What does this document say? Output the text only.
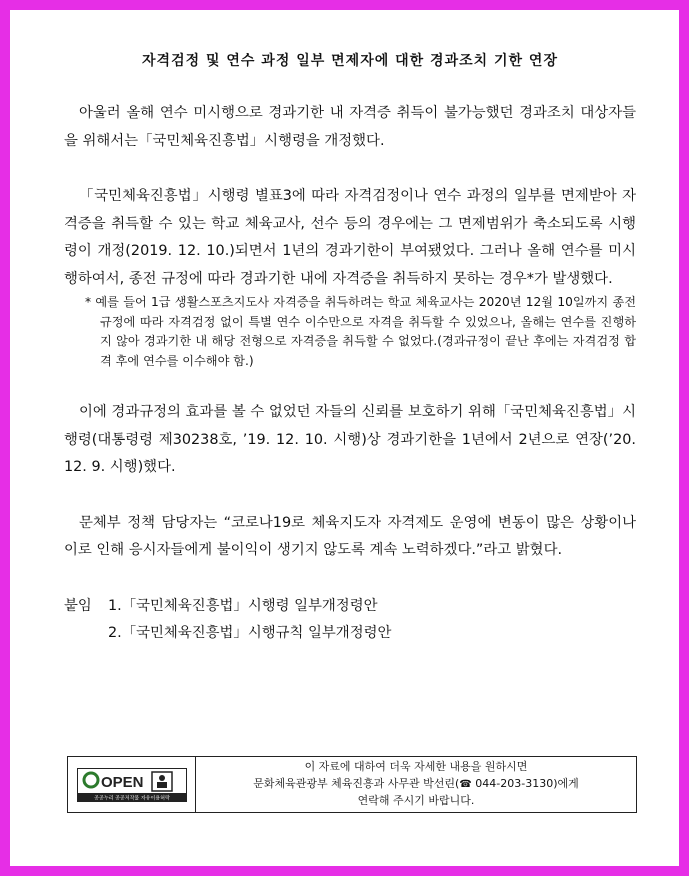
자격검정 및 연수 과정 일부 면제자에 대한 경과조치 기한 연장

아울러 올해 연수 미시행으로 경과기한 내 자격증 취득이 불가능했던 경과조치 대상자들을 위해서는「국민체육진흥법」시행령을 개정했다.

「국민체육진흥법」시행령 별표3에 따라 자격검정이나 연수 과정의 일부를 면제받아 자격증을 취득할 수 있는 학교 체육교사, 선수 등의 경우에는 그 면제범위가 축소되도록 시행령이 개정(2019. 12. 10.)되면서 1년의 경과기한이 부여됐었다. 그러나 올해 연수를 미시행하여서, 종전 규정에 따라 경과기한 내에 자격증을 취득하지 못하는 경우*가 발생했다.

* 예를 들어 1급 생활스포츠지도사 자격증을 취득하려는 학교 체육교사는 2020년 12월 10일까지 종전 규정에 따라 자격검정 없이 특별 연수 이수만으로 자격을 취득할 수 있었으나, 올해는 연수를 진행하지 않아 경과기한 내 해당 전형으로 자격증을 취득할 수 없었다.(경과규정이 끝난 후에는 자격검정 합격 후에 연수를 이수해야 함.)

이에 경과규정의 효과를 볼 수 없었던 자들의 신뢰를 보호하기 위해「국민체육진흥법」시행령(대통령령 제30238호, ’19. 12. 10. 시행)상 경과기한을 1년에서 2년으로 연장(’20. 12. 9. 시행)했다.

문체부 정책 담당자는 “코로나19로 체육지도자 자격제도 운영에 변동이 많은 상황이나 이로 인해 응시자들에게 불이익이 생기지 않도록 계속 노력하겠다.”라고 밝혔다.

붙임 1.「국민체육진흥법」시행령 일부개정령안

2.「국민체육진흥법」시행규칙 일부개정령안

OPEN
공공누리 공공저작물 자유이용허락
이 자료에 대하여 더욱 자세한 내용을 원하시면
문화체육관광부 체육진흥과 사무관 박선린(☎ 044-203-3130)에게
연락해 주시기 바랍니다.
